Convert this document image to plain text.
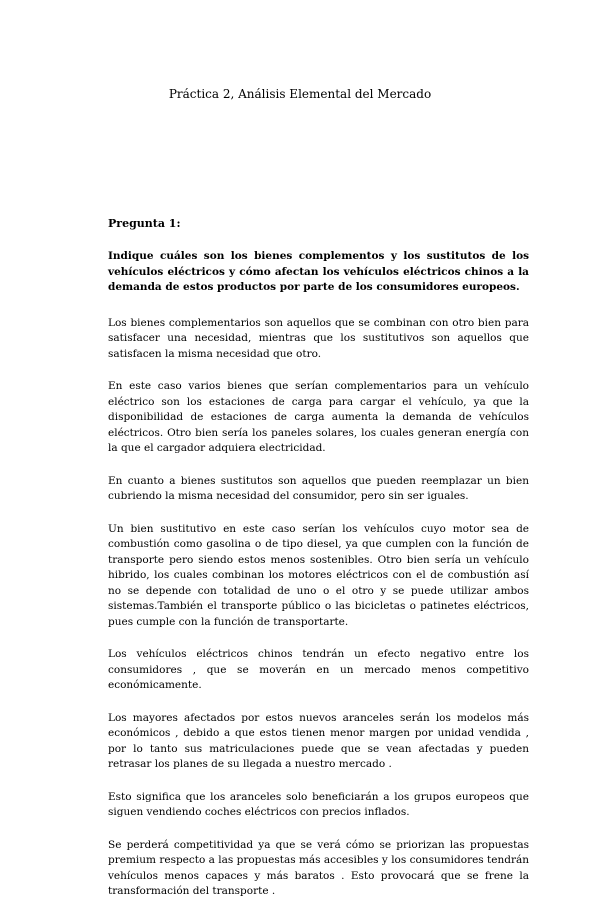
Práctica 2, Análisis Elemental del Mercado

Pregunta 1:

Indique cuáles son los bienes complementos y los sustitutos de los vehículos eléctricos y cómo afectan los vehículos eléctricos chinos a la demanda de estos productos por parte de los consumidores europeos.

Los bienes complementarios son aquellos que se combinan con otro bien para satisfacer una necesidad, mientras que los sustitutivos son aquellos que satisfacen la misma necesidad que otro.

En este caso varios bienes que serían complementarios para un vehículo eléctrico son los estaciones de carga para cargar el vehículo, ya que la disponibilidad de estaciones de carga aumenta la demanda de vehículos eléctricos. Otro bien sería los paneles solares, los cuales generan energía con la que el cargador adquiera electricidad.

En cuanto a bienes sustitutos son aquellos que pueden reemplazar un bien cubriendo la misma necesidad del consumidor, pero sin ser iguales.

Un bien sustitutivo en este caso serían los vehículos cuyo motor sea de combustión como gasolina o de tipo diesel, ya que cumplen con la función de transporte pero siendo estos menos sostenibles. Otro bien sería un vehículo hibrido, los cuales combinan los motores eléctricos con el de combustión así no se depende con totalidad de uno o el otro y se puede utilizar ambos sistemas.También el transporte público o las bicicletas o patinetes eléctricos, pues cumple con la función de transportarte.

Los vehículos eléctricos chinos tendrán un efecto negativo entre los consumidores , que se moverán en un mercado menos competitivo económicamente.

Los mayores afectados por estos nuevos aranceles serán los modelos más económicos , debido a que estos tienen menor margen por unidad vendida , por lo tanto sus matriculaciones puede que se vean afectadas y pueden retrasar los planes de su llegada a nuestro mercado .

Esto significa que los aranceles solo beneficiarán a los grupos europeos que siguen vendiendo coches eléctricos con precios inflados.

Se perderá competitividad ya que se verá cómo se priorizan las propuestas premium respecto a las propuestas más accesibles y los consumidores tendrán vehículos menos capaces y más baratos . Esto provocará que se frene la transformación del transporte .
